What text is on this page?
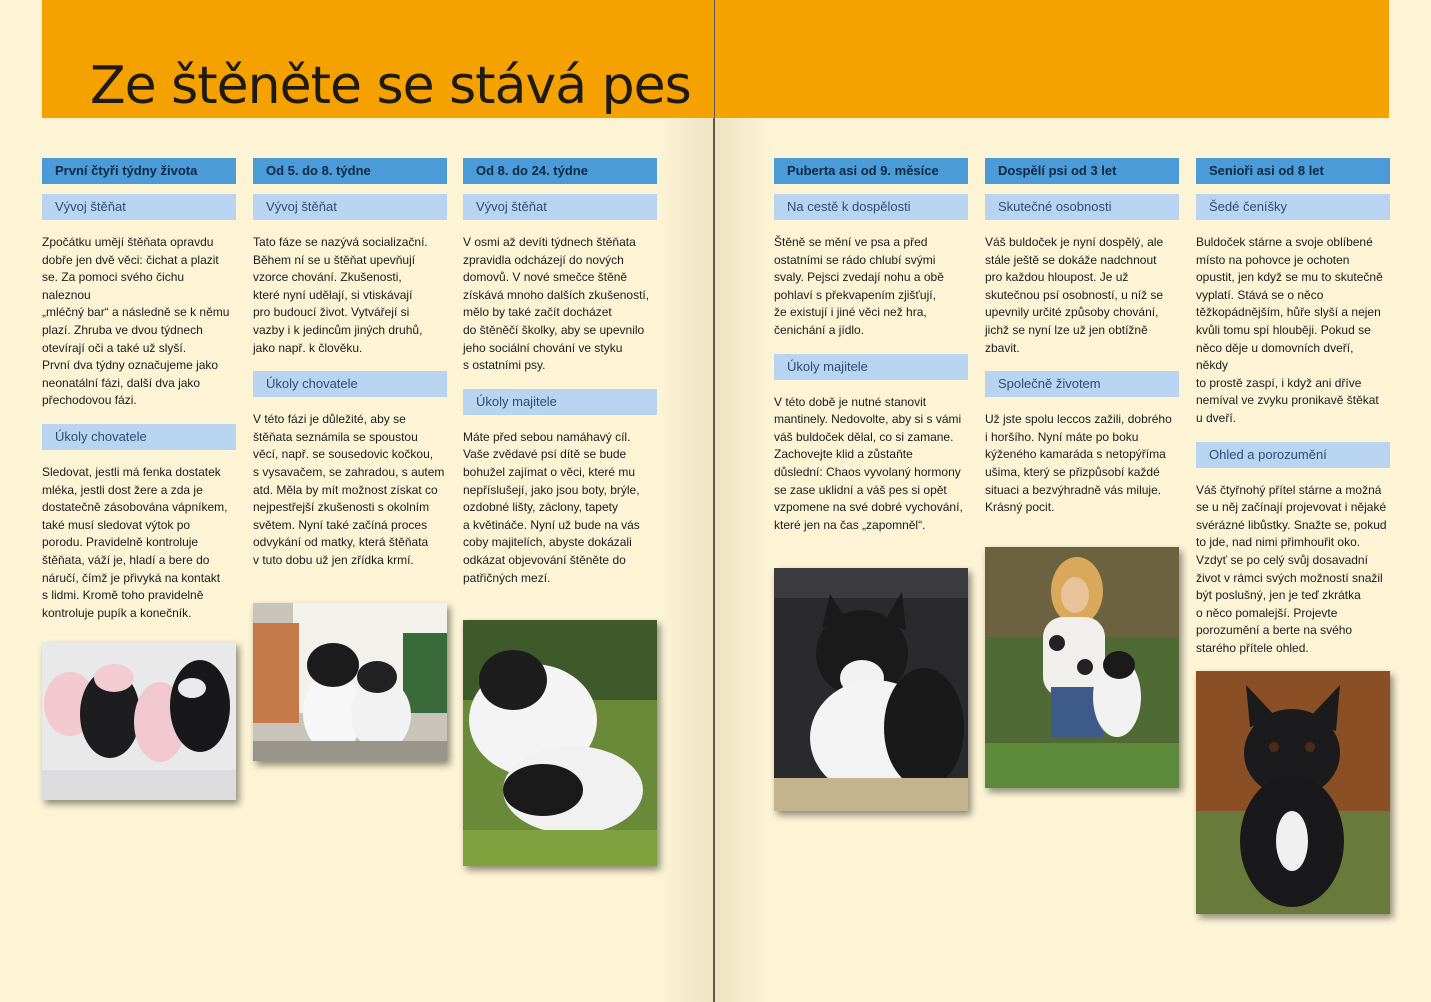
Ze štěněte se stává pes
První čtyři týdny života
Vývoj štěňat
Zpočátku umějí štěňata opravdu
dobře jen dvě věci: čichat a plazit
se. Za pomoci svého čichu naleznou
„mléčný bar“ a následně se k němu
plazí. Zhruba ve dvou týdnech
otevírají oči a také už slyší.
První dva týdny označujeme jako
neonatální fázi, další dva jako
přechodovou fázi.
Úkoly chovatele
Sledovat, jestli má fenka dostatek
mléka, jestli dost žere a zda je
dostatečně zásobována vápníkem,
také musí sledovat výtok po
porodu. Pravidelně kontroluje
štěňata, váží je, hladí a bere do
náručí, čímž je přivyká na kontakt
s lidmi. Kromě toho pravidelně
kontroluje pupík a konečník.
Od 5. do 8. týdne
Vývoj štěňat
Tato fáze se nazývá socializační.
Během ní se u štěňat upevňují
vzorce chování. Zkušenosti,
které nyní udělají, si vtiskávají
pro budoucí život. Vytvářejí si
vazby i k jedincům jiných druhů,
jako např. k člověku.
Úkoly chovatele
V této fázi je důležité, aby se
štěňata seznámila se spoustou
věcí, např. se sousedovic kočkou,
s vysavačem, se zahradou, s autem
atd. Měla by mít možnost získat co
nejpestřejší zkušenosti s okolním
světem. Nyní také začíná proces
odvykání od matky, která štěňata
v tuto dobu už jen zřídka krmí.
Od 8. do 24. týdne
Vývoj štěňat
V osmi až devíti týdnech štěňata
zpravidla odcházejí do nových
domovů. V nové smečce štěně
získává mnoho dalších zkušeností,
mělo by také začít docházet
do štěněčí školky, aby se upevnilo
jeho sociální chování ve styku
s ostatními psy.
Úkoly majitele
Máte před sebou namáhavý cíl.
Vaše zvědavé psí dítě se bude
bohužel zajímat o věci, které mu
nepříslušejí, jako jsou boty, brýle,
ozdobné lišty, záclony, tapety
a květináče. Nyní už bude na vás
coby majitelích, abyste dokázali
odkázat objevování štěněte do
patřičných mezí.
Puberta asi od 9. měsíce
Na cestě k dospělosti
Štěně se mění ve psa a před
ostatními se rádo chlubí svými
svaly. Pejsci zvedají nohu a obě
pohlaví s překvapením zjišťují,
že existují i jiné věci než hra,
čenichání a jídlo.
Úkoly majitele
V této době je nutné stanovit
mantinely. Nedovolte, aby si s vámi
váš buldoček dělal, co si zamane.
Zachovejte klid a zůstaňte
důslední: Chaos vyvolaný hormony
se zase uklidní a váš pes si opět
vzpomene na své dobré vychování,
které jen na čas „zapomněl“.
Dospělí psi od 3 let
Skutečné osobnosti
Váš buldoček je nyní dospělý, ale
stále ještě se dokáže nadchnout
pro každou hloupost. Je už
skutečnou psí osobností, u níž se
upevnily určité způsoby chování,
jichž se nyní lze už jen obtížně
zbavit.
Společně životem
Už jste spolu leccos zažili, dobrého
i horšího. Nyní máte po boku
kýženého kamaráda s netopýříma
ušima, který se přizpůsobí každé
situaci a bezvýhradně vás miluje.
Krásný pocit.
Senioři asi od 8 let
Šedé čeníšky
Buldoček stárne a svoje oblíbené
místo na pohovce je ochoten
opustit, jen když se mu to skutečně
vyplatí. Stává se o něco
těžkopádnějším, hůře slyší a nejen
kvůli tomu spí hlouběji. Pokud se
něco děje u domovních dveří, někdy
to prostě zaspí, i když ani dříve
nemíval ve zvyku pronikavě štěkat
u dveří.
Ohled a porozumění
Váš čtyřnohý přítel stárne a možná
se u něj začínají projevovat i nějaké
svérázné libůstky. Snažte se, pokud
to jde, nad nimi přimhouřit oko.
Vzdyť se po celý svůj dosavadní
život v rámci svých možností snažil
být poslušný, jen je teď zkrátka
o něco pomalejší. Projevte
porozumění a berte na svého
starého přítele ohled.
